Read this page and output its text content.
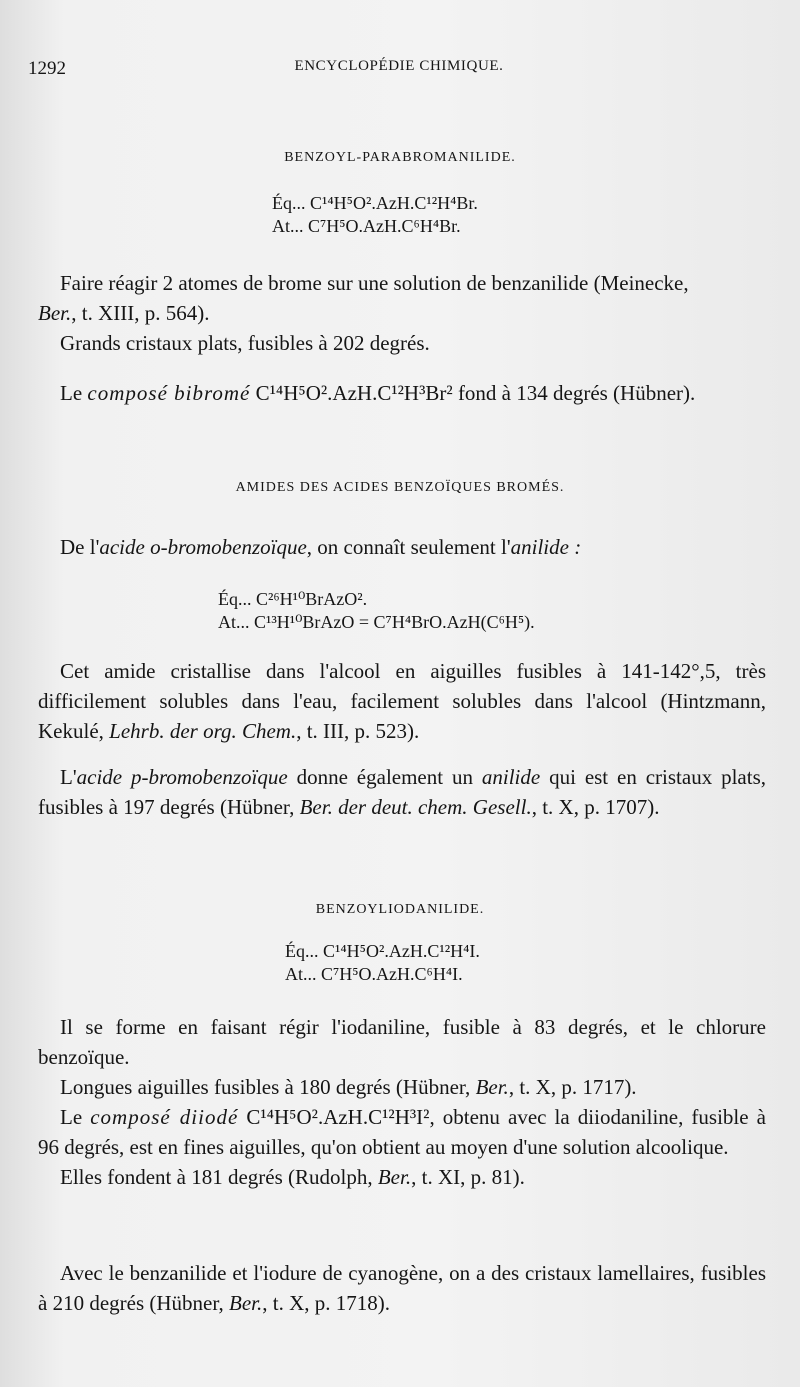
1292	ENCYCLOPÉDIE CHIMIQUE.
BENZOYL-PARABROMANILIDE.
Éq... C¹⁴H⁵O².AzH.C¹²H⁴Br.
At... C⁷H⁵O.AzH.C⁶H⁴Br.

Faire réagir 2 atomes de brome sur une solution de benzanilide (Meinecke,
Ber., t. XIII, p. 564).

Grands cristaux plats, fusibles à 202 degrés.

Le composé bibromé C¹⁴H⁵O².AzH.C¹²H³Br² fond à 134 degrés (Hübner).

AMIDES DES ACIDES BENZOÏQUES BROMÉS.

De l'acide o-bromobenzoïque, on connaît seulement l'anilide :

Éq... C²⁶H¹⁰BrAzO².
At... C¹³H¹⁰BrAzO = C⁷H⁴BrO.AzH(C⁶H⁵).

Cet amide cristallise dans l'alcool en aiguilles fusibles à 141-142°,5, très difficilement solubles dans l'eau, facilement solubles dans l'alcool (Hintzmann, Kekulé, Lehrb. der org. Chem., t. III, p. 523).

L'acide p-bromobenzoïque donne également un anilide qui est en cristaux plats, fusibles à 197 degrés (Hübner, Ber. der deut. chem. Gesell., t. X, p. 1707).

BENZOYLIODANILIDE.
Éq... C¹⁴H⁵O².AzH.C¹²H⁴I.
At... C⁷H⁵O.AzH.C⁶H⁴I.

Il se forme en faisant régir l'iodaniline, fusible à 83 degrés, et le chlorure benzoïque.

Longues aiguilles fusibles à 180 degrés (Hübner, Ber., t. X, p. 1717).

Le composé diiodé C¹⁴H⁵O².AzH.C¹²H³I², obtenu avec la diiodaniline, fusible à 96 degrés, est en fines aiguilles, qu'on obtient au moyen d'une solution alcoolique.

Elles fondent à 181 degrés (Rudolph, Ber., t. XI, p. 81).

Avec le benzanilide et l'iodure de cyanogène, on a des cristaux lamellaires, fusibles à 210 degrés (Hübner, Ber., t. X, p. 1718).
